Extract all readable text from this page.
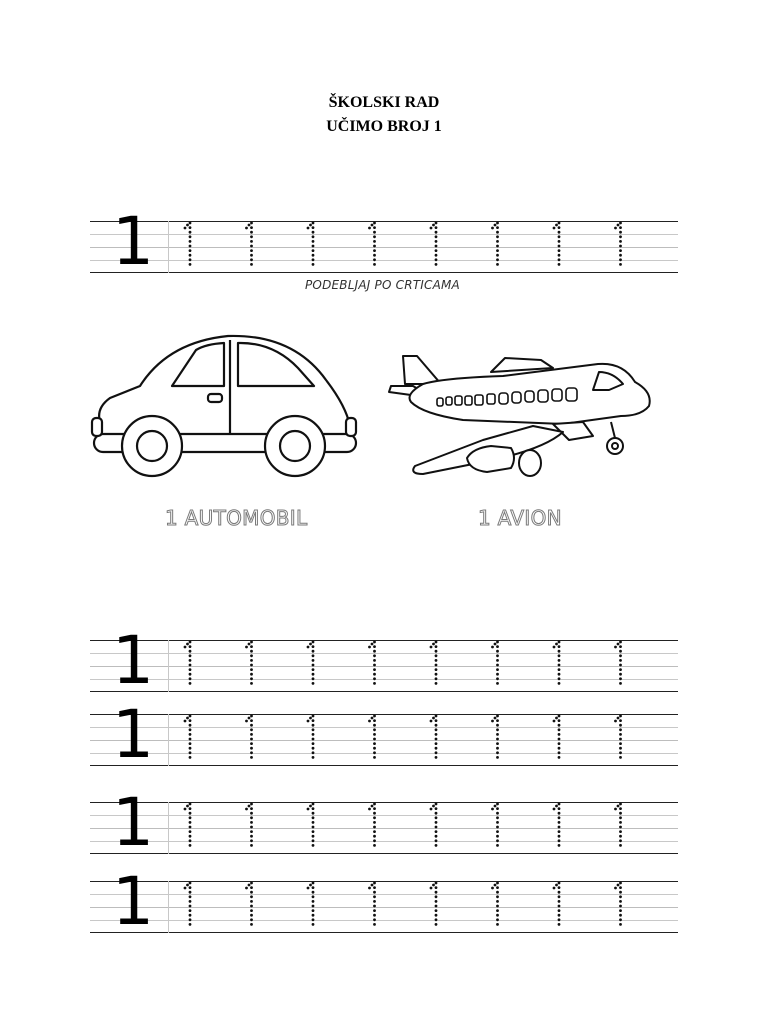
ŠKOLSKI RAD
UČIMO BROJ 1
1
PODEBLJAJ PO CRTICAMA
1 AUTOMOBIL	1 AVION
1
1
1
1
